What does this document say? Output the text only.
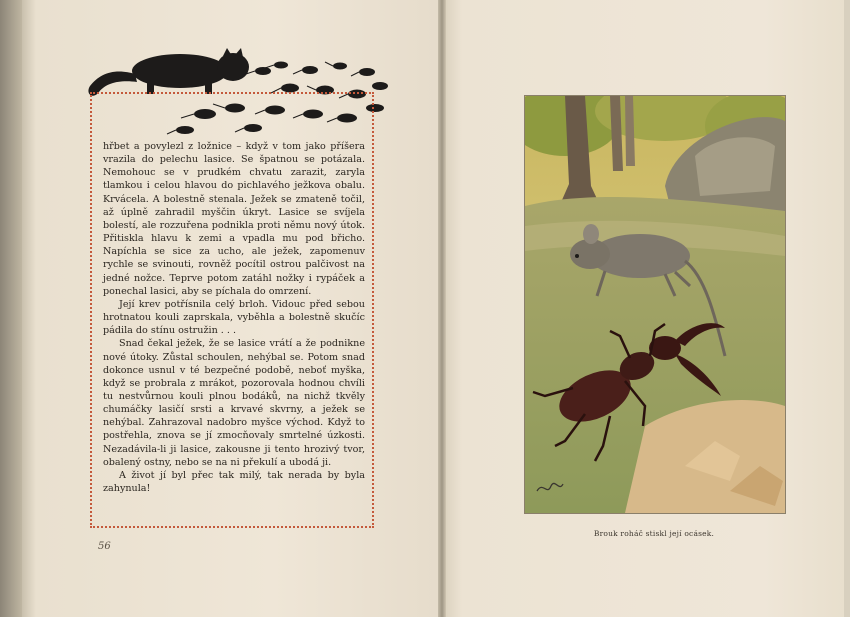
hřbet a povylezl z ložnice – když v tom jako příšera vrazila do pelechu lasice. Se špatnou se potázala. Nemohouc se v prudkém chvatu zarazit, zaryla tlamkou i celou hlavou do pichlavého ježkova obalu. Krvácela. A bolestně stenala. Ježek se zmateně točil, až úplně zahradil myščin úkryt. Lasice se svíjela bolestí, ale rozzuřena podnikla proti němu nový útok. Přitiskla hlavu k zemi a vpadla mu pod břicho. Napíchla se sice za ucho, ale ježek, zapomenuv rychle se svinouti, rovněž pocítil ostrou palčivost na jedné nožce. Teprve potom zatáhl nožky i rypáček a ponechal lasici, aby se píchala do omrzení.

Její krev potřísnila celý brloh. Vidouc před sebou hrotnatou kouli zaprskala, vyběhla a bolestně skučíc pádila do stínu ostružin . . .

Snad čekal ježek, že se lasice vrátí a že podnikne nové útoky. Zůstal schoulen, nehýbal se. Potom snad dokonce usnul v té bezpečné podobě, neboť myška, když se probrala z mrákot, pozorovala hodnou chvíli tu nestvůrnou kouli plnou bodáků, na nichž tkvěly chumáčky lasičí srsti a krvavé skvrny, a ježek se nehýbal. Zahrazoval nadobro myšce východ. Když to postřehla, znova se jí zmocňovaly smrtelné úzkosti. Nezadávila-li ji lasice, zakousne ji tento hrozivý tvor, obalený ostny, nebo se na ni překulí a ubodá ji.

A život jí byl přec tak milý, tak nerada by byla zahynula!

56
Brouk roháč stiskl její ocásek.
